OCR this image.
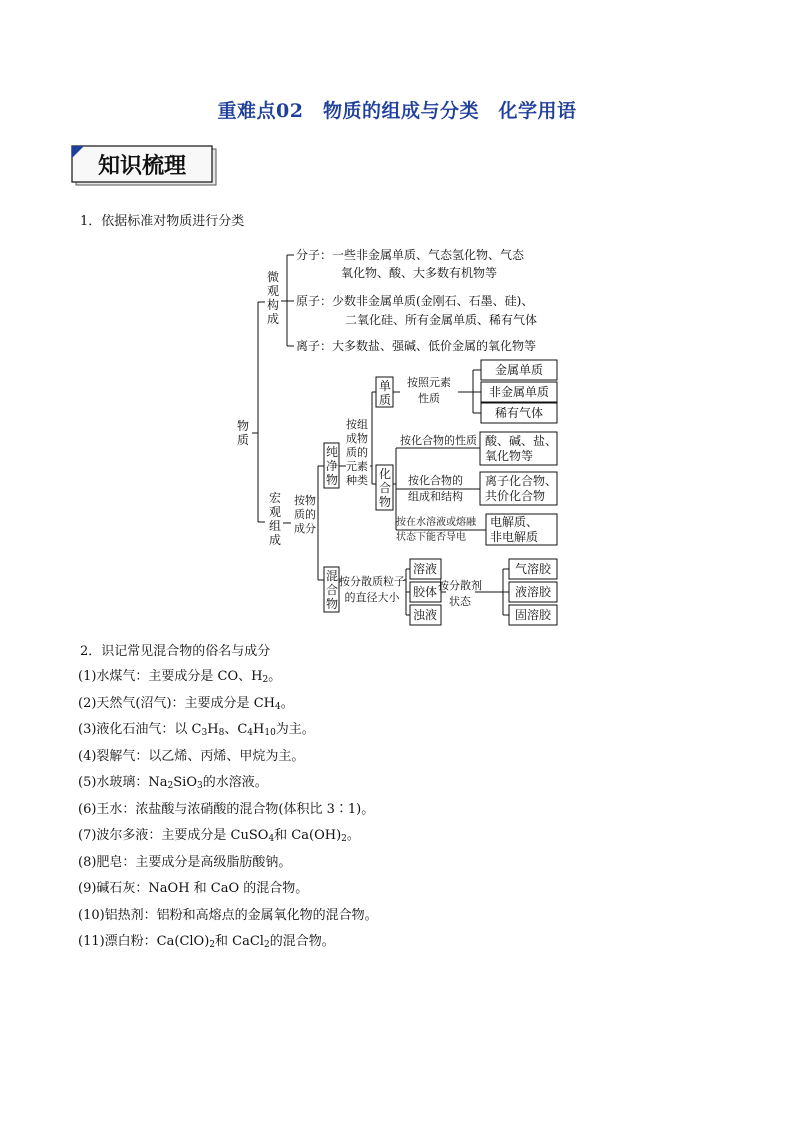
重难点02　物质的组成与分类　化学用语
知识梳理
1．依据标准对物质进行分类
物
质
微
观
构
成
分子：一些非金属单质、气态氢化物、气态
氧化物、酸、大多数有机物等
原子：少数非金属单质(金刚石、石墨、硅)、
二氧化硅、所有金属单质、稀有气体
离子：大多数盐、强碱、低价金属的氧化物等
宏
观
组
成
按物
质的
成分
纯
净
物
按组
成物
质的
元素
种类
单
质
按照元素
性质
金属单质
非金属单质
稀有气体
化
合
物
按化合物的性质 酸、碱、盐、
氧化物等
按化合物的
组成和结构
离子化合物、
共价化合物
按在水溶液或熔融
状态下能否导电
电解质、
非电解质
混
合
物
按分散质粒子
的直径大小
溶液
胶体
浊液
按分散剂
状态
气溶胶
液溶胶
固溶胶
2．识记常见混合物的俗名与成分
(1)水煤气：主要成分是 CO、$H_2$。
(2)天然气(沼气)：主要成分是 $CH_4$。
(3)液化石油气：以 $C_3H_8$、$C_4H_{10}$为主。
(4)裂解气：以乙烯、丙烯、甲烷为主。
(5)水玻璃：$Na_2SiO_3$的水溶液。
(6)王水：浓盐酸与浓硝酸的混合物(体积比 3∶1)。
(7)波尔多液：主要成分是 CuSO$_4$和 $Ca(OH)_2$。
(8)肥皂：主要成分是高级脂肪酸钠。
(9)碱石灰：NaOH 和 CaO 的混合物。
(10)铝热剂：铝粉和高熔点的金属氧化物的混合物。
(11)漂白粉：$Ca(ClO)_2$和 CaCl$_2$的混合物。
